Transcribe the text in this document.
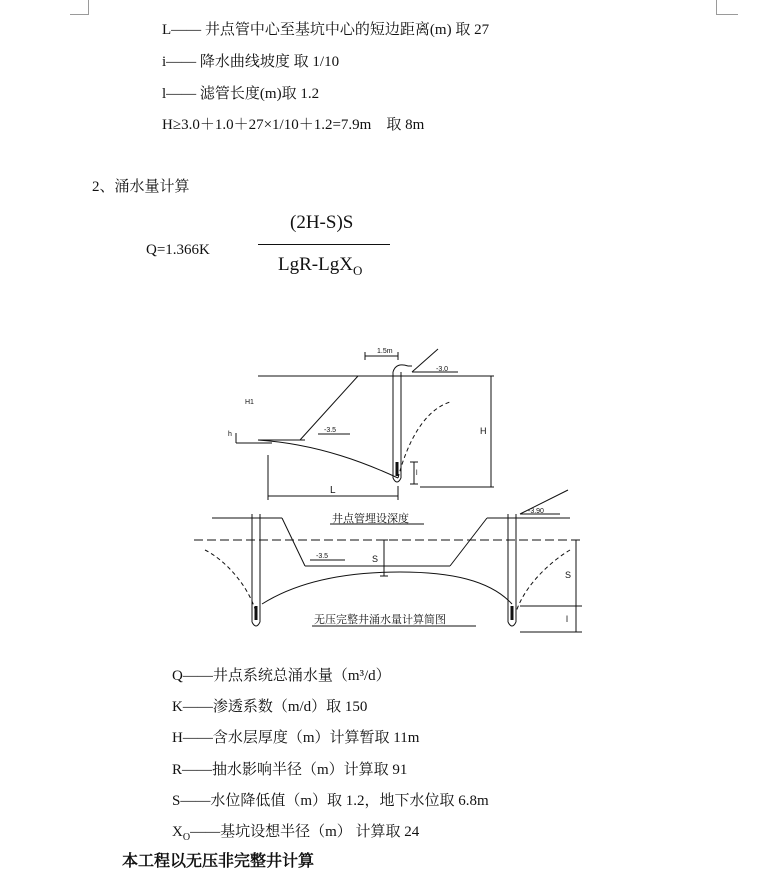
L—— 井点管中心至基坑中心的短边距离(m) 取 27
i—— 降水曲线坡度 取 1/10
l—— 滤管长度(m)取 1.2
H≥3.0＋1.0＋27×1/10＋1.2=7.9m　取 8m
2、涌水量计算
Q=1.366K
(2H-S)S
LgR-LgX$_O$
1.5m
-3.0
-3.5
H1
h	H
l
L
井点管埋设深度
-3.90
-3.5	S
S
l
无压完整井涌水量计算简图
Q——井点系统总涌水量（m³/d）
K——渗透系数（m/d）取 150
H——含水层厚度（m）计算暂取 11m
R——抽水影响半径（m）计算取 91
S——水位降低值（m）取 1.2，地下水位取 6.8m
$X_O——$基坑设想半径（m） 计算取 24
本工程以无压非完整井计算
